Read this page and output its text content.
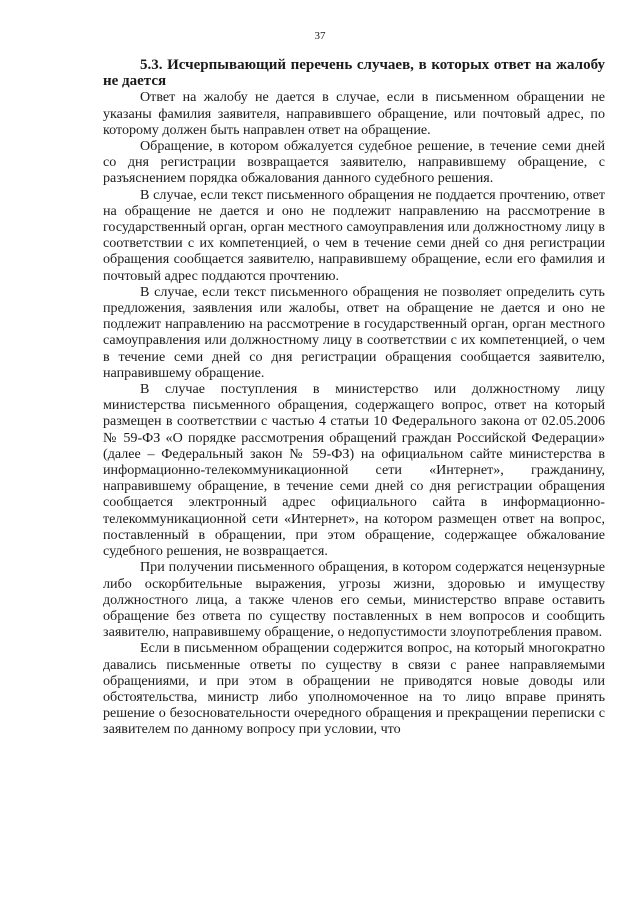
37
5.3. Исчерпывающий перечень случаев, в которых ответ на жалобу не дается

Ответ на жалобу не дается в случае, если в письменном обращении не указаны фамилия заявителя, направившего обращение, или почтовый адрес, по которому должен быть направлен ответ на обращение.

Обращение, в котором обжалуется судебное решение, в течение семи дней со дня регистрации возвращается заявителю, направившему обращение, с разъяснением порядка обжалования данного судебного решения.

В случае, если текст письменного обращения не поддается прочтению, ответ на обращение не дается и оно не подлежит направлению на рассмотрение в государственный орган, орган местного самоуправления или должностному лицу в соответствии с их компетенцией, о чем в течение семи дней со дня регистрации обращения сообщается заявителю, направившему обращение, если его фамилия и почтовый адрес поддаются прочтению.

В случае, если текст письменного обращения не позволяет определить суть предложения, заявления или жалобы, ответ на обращение не дается и оно не подлежит направлению на рассмотрение в государственный орган, орган местного самоуправления или должностному лицу в соответствии с их компетенцией, о чем в течение семи дней со дня регистрации обращения сообщается заявителю, направившему обращение.

В случае поступления в министерство или должностному лицу министерства письменного обращения, содержащего вопрос, ответ на который размещен в соответствии с частью 4 статьи 10 Федерального закона от 02.05.2006 № 59-ФЗ «О порядке рассмотрения обращений граждан Российской Федерации» (далее – Федеральный закон № 59-ФЗ) на официальном сайте министерства в информационно-телекоммуникационной сети «Интернет», гражданину, направившему обращение, в течение семи дней со дня регистрации обращения сообщается электронный адрес официального сайта в информационно-телекоммуникационной сети «Интернет», на котором размещен ответ на вопрос, поставленный в обращении, при этом обращение, содержащее обжалование судебного решения, не возвращается.

При получении письменного обращения, в котором содержатся нецензурные либо оскорбительные выражения, угрозы жизни, здоровью и имуществу должностного лица, а также членов его семьи, министерство вправе оставить обращение без ответа по существу поставленных в нем вопросов и сообщить заявителю, направившему обращение, о недопустимости злоупотребления правом.

Если в письменном обращении содержится вопрос, на который многократно давались письменные ответы по существу в связи с ранее направляемыми обращениями, и при этом в обращении не приводятся новые доводы или обстоятельства, министр либо уполномоченное на то лицо вправе принять решение о безосновательности очередного обращения и прекращении переписки с заявителем по данному вопросу при условии, что
